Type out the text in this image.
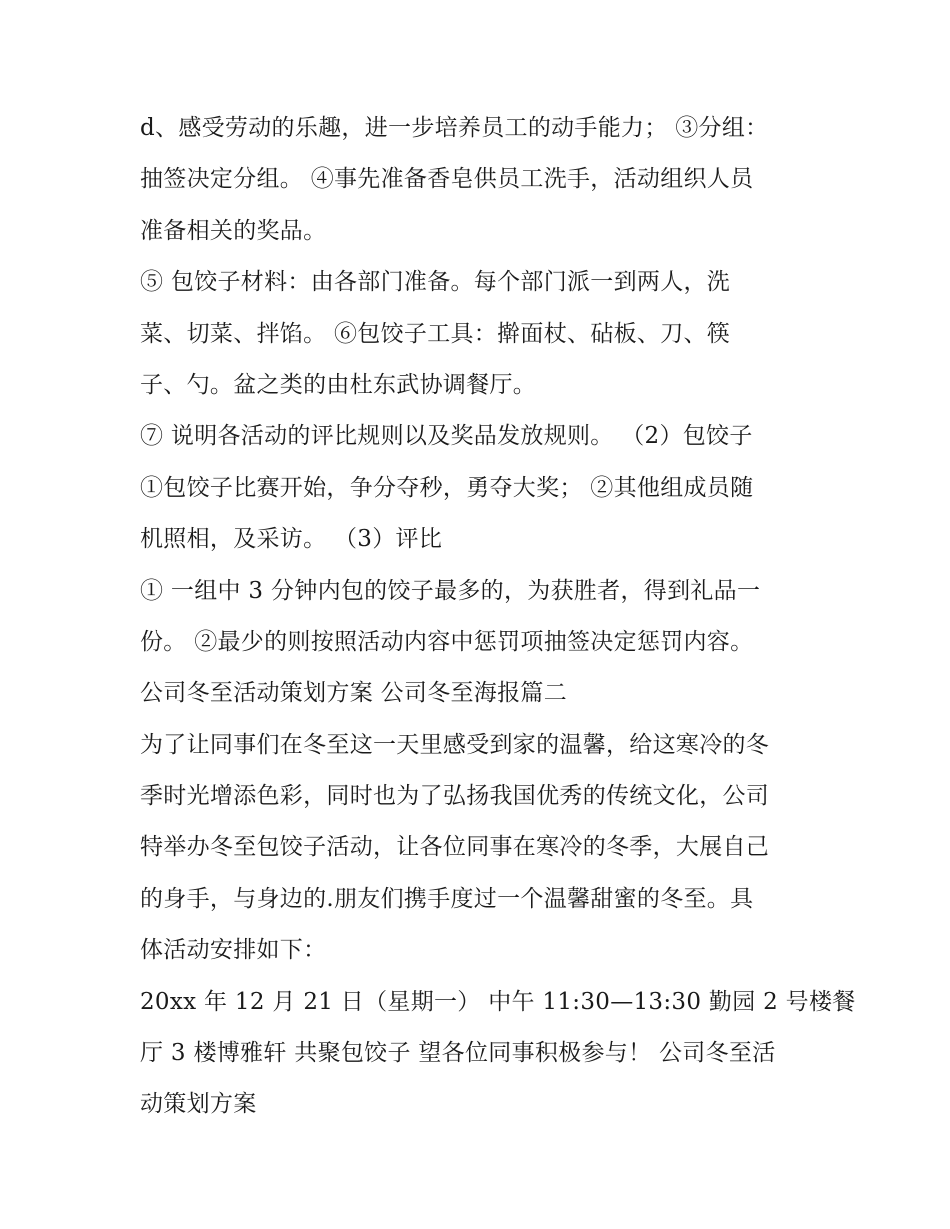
d、感受劳动的乐趣，进一步培养员工的动手能力； ③分组：
抽签决定分组。 ④事先准备香皂供员工洗手，活动组织人员
准备相关的奖品。
⑤ 包饺子材料：由各部门准备。每个部门派一到两人，洗
菜、切菜、拌馅。 ⑥包饺子工具：擀面杖、砧板、刀、筷
子、勺。盆之类的由杜东武协调餐厅。
⑦ 说明各活动的评比规则以及奖品发放规则。 （2）包饺子
①包饺子比赛开始，争分夺秒，勇夺大奖； ②其他组成员随
机照相，及采访。 （3）评比
① 一组中 3 分钟内包的饺子最多的，为获胜者，得到礼品一
份。 ②最少的则按照活动内容中惩罚项抽签决定惩罚内容。
公司冬至活动策划方案 公司冬至海报篇二
为了让同事们在冬至这一天里感受到家的温馨，给这寒冷的冬
季时光增添色彩，同时也为了弘扬我国优秀的传统文化，公司
特举办冬至包饺子活动，让各位同事在寒冷的冬季，大展自己
的身手，与身边的.朋友们携手度过一个温馨甜蜜的冬至。具
体活动安排如下：
20xx 年 12 月 21 日（星期一） 中午 11:30—13:30 勤园 2 号楼餐
厅 3 楼博雅轩 共聚包饺子 望各位同事积极参与！ 公司冬至活
动策划方案
